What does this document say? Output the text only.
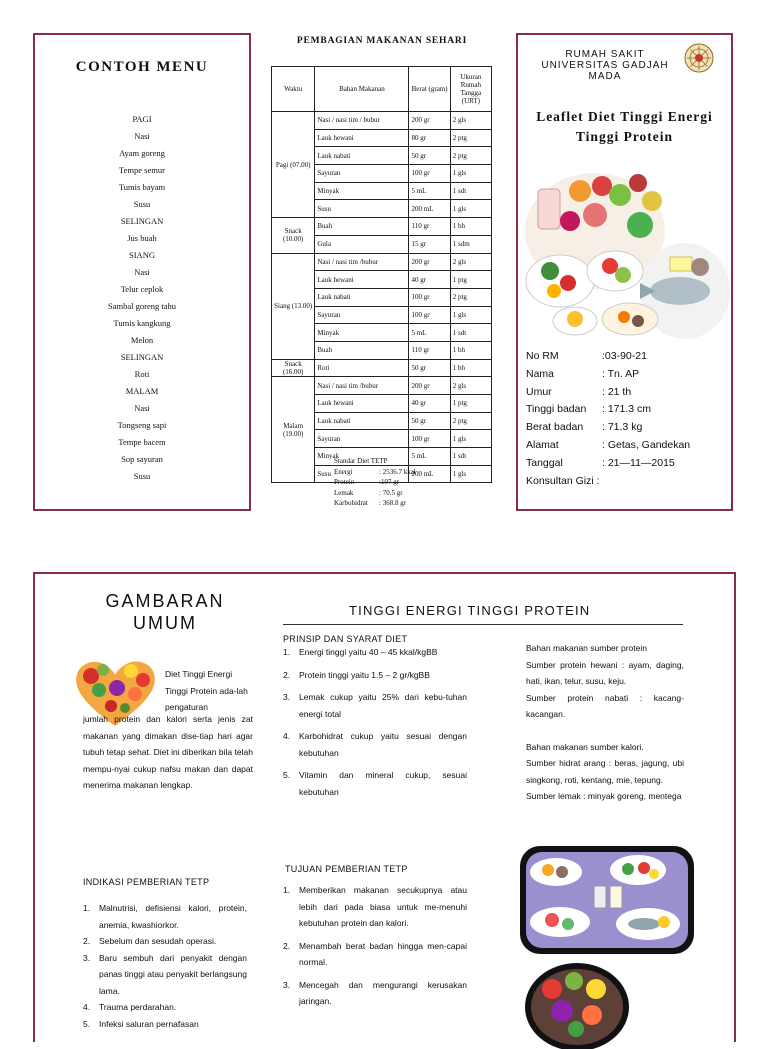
CONTOH MENU
PAGI
Nasi
Ayam goreng
Tempe semur
Tumis bayam
Susu
SELINGAN
Jus buah
SIANG
Nasi
Telur ceplok
Sambal goreng tahu
Tumis kangkung
Melon
SELINGAN
Roti
MALAM
Nasi
Tongseng sapi
Tempe bacem
Sop sayuran
Susu
PEMBAGIAN MAKANAN SEHARI
Waktu	Bahan Makanan	Berat (gram)	Ukuran Rumah Tangga (URT)
Pagi (07.00)	Nasi / nasi tim / bubur	200 gr	2 gls
	Lauk hewani	80 gr	2 ptg
	Lauk nabati	50 gr	2 ptg
	Sayuran	100 gr	1 gls
	Minyak	5 mL	1 sdt
	Susu	200 mL	1 gls
Snack (10.00)	Buah	110 gr	1 bh
	Gula	15 gr	1 sdm
Siang (13.00)	Nasi / nasi tim /bubur	200 gr	2 gls
	Lauk hewani	40 gr	1 ptg
	Lauk nabati	100 gr	2 ptg
	Sayuran	100 gr	1 gls
	Minyak	5 mL	1 sdt
	Buah	110 gr	1 bh
Snack (16.00)	Roti	50 gr	1 bh
Malam (19.00)	Nasi / nasi tim /bubur	200 gr	2 gls
	Lauk hewani	40 gr	1 ptg
	Lauk nabati	50 gr	2 ptg
	Sayuran	100 gr	1 gls
	Minyak	5 mL	1 sdt
	Susu	200 mL	1 gls
Standar Diet TETP
Energi	: 2536.7 kkal
Protein	:107 gr
Lemak	: 70.5 gr
Karbohidrat : 368.8 gr
RUMAH SAKIT UNIVERSITAS GADJAH MADA
Leaflet Diet Tinggi Energi Tinggi Protein
No RM	:03-90-21
Nama	: Tn. AP
Umur	: 21 th
Tinggi badan : 171.3 cm
Berat badan : 71.3 kg
Alamat	: Getas, Gandekan
Tanggal	: 21—11—2015
Konsultan Gizi :
GAMBARAN UMUM
Diet Tinggi Energi Tinggi Protein ada-lah pengaturan
jumlah protein dan kalori serta jenis zat makanan yang dimakan dise-tiap hari agar tubuh tetap sehat. Diet ini diberikan bila telah mempu-nyai cukup nafsu makan dan dapat menerima makanan lengkap.
TINGGI ENERGI TINGGI PROTEIN
PRINSIP DAN SYARAT DIET
1. Energi tinggi yaitu 40 – 45 kkal/kgBB
2. Protein tinggi yaitu 1.5 – 2 gr/kgBB
3. Lemak cukup yaitu 25% dari kebu-tuhan energi total
4. Karbohidrat cukup yaitu sesuai dengan kebutuhan
5. Vitamin dan mineral cukup, sesuai kebutuhan
TUJUAN PEMBERIAN TETP
1. Memberikan makanan secukupnya atau lebih dari pada biasa untuk me-menuhi kebutuhan protein dan kalori.
2. Menambah berat badan hingga men-capai normal.
3. Mencegah dan mengurangi kerusakan jaringan.
INDIKASI PEMBERIAN TETP
1. Malnutrisi, defisiensi kalori, protein, anemia, kwashiorkor.
2. Sebelum dan sesudah operasi.
3. Baru sembuh dari penyakit dengan panas tinggi atau penyakit berlangsung lama.
4. Trauma perdarahan.
5. Infeksi saluran pernafasan

Bahan makanan sumber protein

Sumber protein hewani : ayam, daging, hati, ikan, telur, susu, keju.

Sumber protein nabati : kacang-kacangan.

Bahan makanan sumber kalori.

Sumber hidrat arang : beras, jagung, ubi singkong, roti, kentang, mie, tepung.

Sumber lemak : minyak goreng, mentega
